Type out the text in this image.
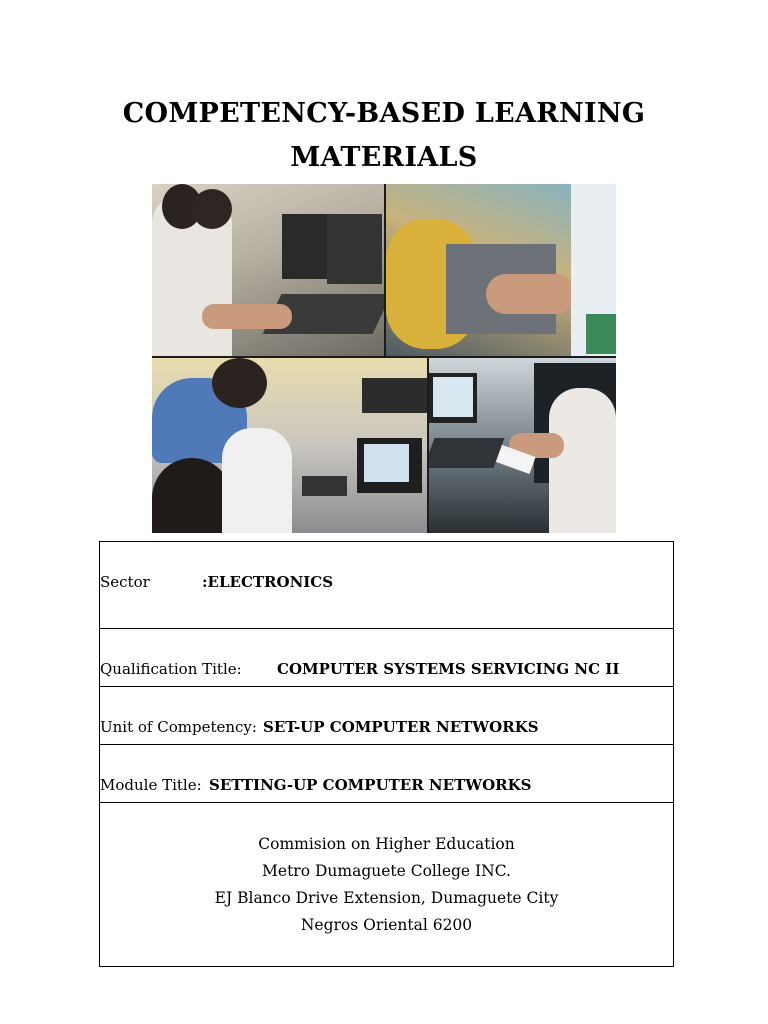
COMPETENCY-BASED LEARNING
MATERIALS
Sector	:ELECTRONICS
Qualification Title: COMPUTER SYSTEMS SERVICING NC II
Unit of Competency: SET-UP COMPUTER NETWORKS
Module Title: SETTING-UP COMPUTER NETWORKS
Commision on Higher Education
Metro Dumaguete College INC.
EJ Blanco Drive Extension, Dumaguete City
Negros Oriental 6200
